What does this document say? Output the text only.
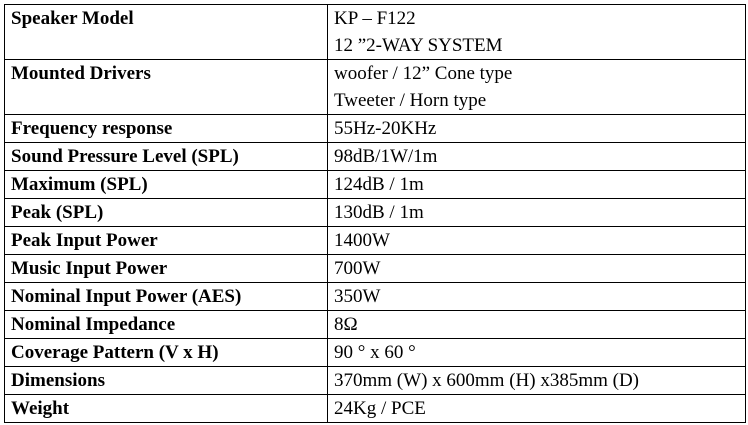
Speaker Model	KP – F122
12 ”2-WAY SYSTEM

Mounted Drivers	woofer / 12” Cone type
Tweeter / Horn type

Frequency response	55Hz-20KHz
Sound Pressure Level (SPL)	98dB/1W/1m
Maximum (SPL)	124dB / 1m
Peak (SPL)	130dB / 1m
Peak Input Power	1400W
Music Input Power	700W
Nominal Input Power (AES)	350W
Nominal Impedance	8Ω
Coverage Pattern (V x H)	90 ° x 60 °
Dimensions	370mm (W) x 600mm (H) x385mm (D)
Weight	24Kg / PCE
